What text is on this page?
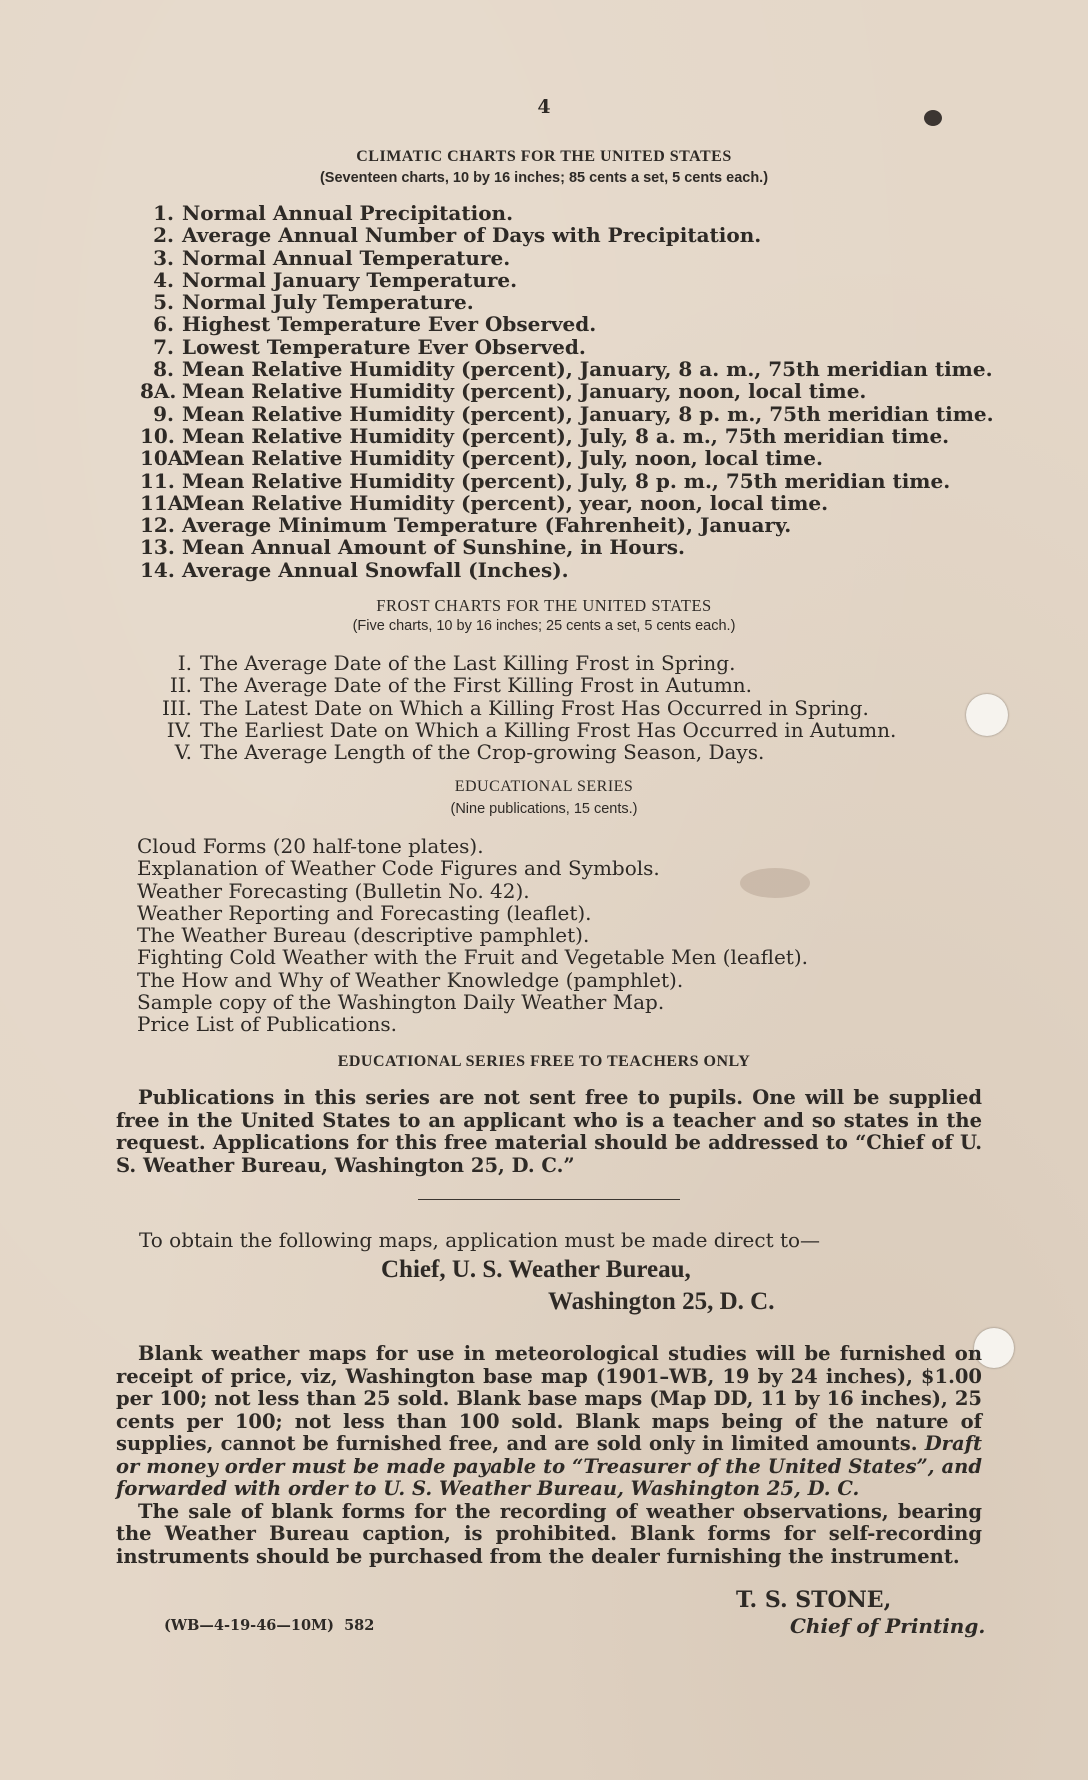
4
CLIMATIC CHARTS FOR THE UNITED STATES
(Seventeen charts, 10 by 16 inches; 85 cents a set, 5 cents each.)
1. Normal Annual Precipitation.
2. Average Annual Number of Days with Precipitation.
3. Normal Annual Temperature.
4. Normal January Temperature.
5. Normal July Temperature.
6. Highest Temperature Ever Observed.
7. Lowest Temperature Ever Observed.
8. Mean Relative Humidity (percent), January, 8 a. m., 75th meridian time.
8A. Mean Relative Humidity (percent), January, noon, local time.
9. Mean Relative Humidity (percent), January, 8 p. m., 75th meridian time.
10. Mean Relative Humidity (percent), July, 8 a. m., 75th meridian time.
10A.Mean Relative Humidity (percent), July, noon, local time.
11. Mean Relative Humidity (percent), July, 8 p. m., 75th meridian time.
11A.Mean Relative Humidity (percent), year, noon, local time.
12. Average Minimum Temperature (Fahrenheit), January.
13. Mean Annual Amount of Sunshine, in Hours.
14. Average Annual Snowfall (Inches).
FROST CHARTS FOR THE UNITED STATES
(Five charts, 10 by 16 inches; 25 cents a set, 5 cents each.)
I. The Average Date of the Last Killing Frost in Spring.
II. The Average Date of the First Killing Frost in Autumn.
III. The Latest Date on Which a Killing Frost Has Occurred in Spring.
IV. The Earliest Date on Which a Killing Frost Has Occurred in Autumn.
V. The Average Length of the Crop-growing Season, Days.
EDUCATIONAL SERIES
(Nine publications, 15 cents.)
Cloud Forms (20 half-tone plates).
Explanation of Weather Code Figures and Symbols.
Weather Forecasting (Bulletin No. 42).
Weather Reporting and Forecasting (leaflet).
The Weather Bureau (descriptive pamphlet).
Fighting Cold Weather with the Fruit and Vegetable Men (leaflet).
The How and Why of Weather Knowledge (pamphlet).
Sample copy of the Washington Daily Weather Map.
Price List of Publications.
EDUCATIONAL SERIES FREE TO TEACHERS ONLY

Publications in this series are not sent free to pupils. One will be supplied free in the United States to an applicant who is a teacher and so states in the request. Applications for this free material should be addressed to “Chief of U. S. Weather Bureau, Washington 25, D. C.”

To obtain the following maps, application must be made direct to—
Chief, U. S. Weather Bureau,
Washington 25, D. C.

Blank weather maps for use in meteorological studies will be furnished on receipt of price, viz, Washington base map (1901–WB, 19 by 24 inches), $1.00 per 100; not less than 25 sold. Blank base maps (Map DD, 11 by 16 inches), 25 cents per 100; not less than 100 sold. Blank maps being of the nature of supplies, cannot be furnished free, and are sold only in limited amounts. Draft or money order must be made payable to “Treasurer of the United States”, and forwarded with order to U. S. Weather Bureau, Washington 25, D. C.

The sale of blank forms for the recording of weather observations, bearing the Weather Bureau caption, is prohibited. Blank forms for self-recording instruments should be purchased from the dealer furnishing the instrument.

T. S. STONE,
(WB—4-19-46—10M) 582	Chief of Printing.
